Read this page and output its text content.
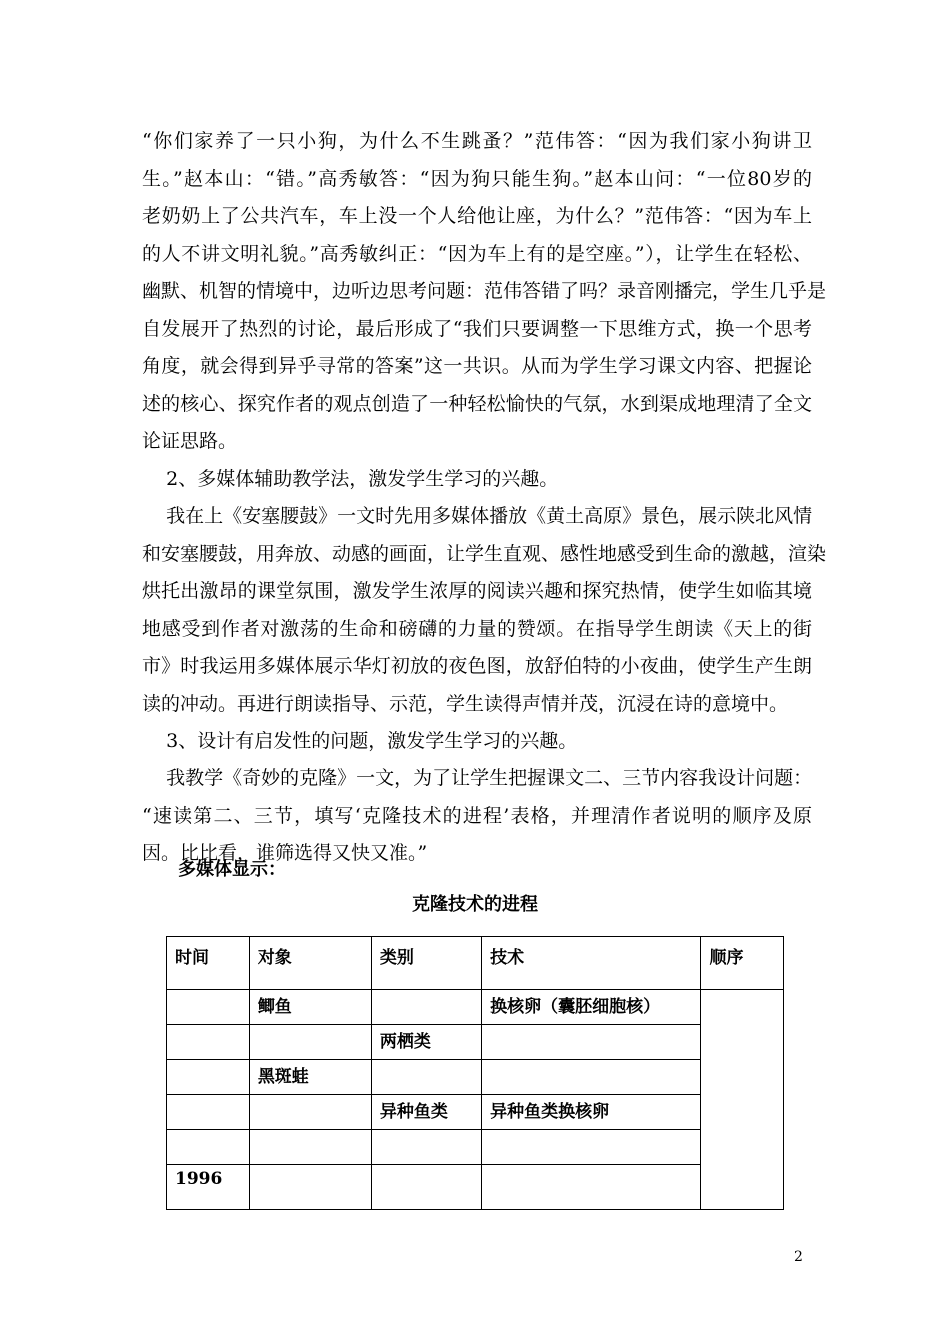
“你们家养了一只小狗，为什么不生跳蚤？”范伟答：“因为我们家小狗讲卫
生。”赵本山：“错。”高秀敏答：“因为狗只能生狗。”赵本山问：“一位80岁的
老奶奶上了公共汽车，车上没一个人给他让座，为什么？”范伟答：“因为车上
的人不讲文明礼貌。”高秀敏纠正：“因为车上有的是空座。”），让学生在轻松、
幽默、机智的情境中，边听边思考问题：范伟答错了吗？录音刚播完，学生几乎是
自发展开了热烈的讨论，最后形成了“我们只要调整一下思维方式，换一个思考
角度，就会得到异乎寻常的答案”这一共识。从而为学生学习课文内容、把握论
述的核心、探究作者的观点创造了一种轻松愉快的气氛，水到渠成地理清了全文
论证思路。
2、多媒体辅助教学法，激发学生学习的兴趣。
我在上《安塞腰鼓》一文时先用多媒体播放《黄土高原》景色，展示陕北风情
和安塞腰鼓，用奔放、动感的画面，让学生直观、感性地感受到生命的激越，渲染
烘托出激昂的课堂氛围，激发学生浓厚的阅读兴趣和探究热情，使学生如临其境
地感受到作者对激荡的生命和磅礴的力量的赞颂。在指导学生朗读《天上的街
市》时我运用多媒体展示华灯初放的夜色图，放舒伯特的小夜曲，使学生产生朗
读的冲动。再进行朗读指导、示范，学生读得声情并茂，沉浸在诗的意境中。
3、设计有启发性的问题，激发学生学习的兴趣。
我教学《奇妙的克隆》一文，为了让学生把握课文二、三节内容我设计问题：
“速读第二、三节，填写‘克隆技术的进程’表格，并理清作者说明的顺序及原
因。比比看，谁筛选得又快又准。”
多媒体显示：
克隆技术的进程
时间	对象	类别	技术	顺序
	鲫鱼		换核卵（囊胚细胞核）	
		两栖类		
	黑斑蛙			
		异种鱼类	异种鱼类换核卵	

1996				
2
